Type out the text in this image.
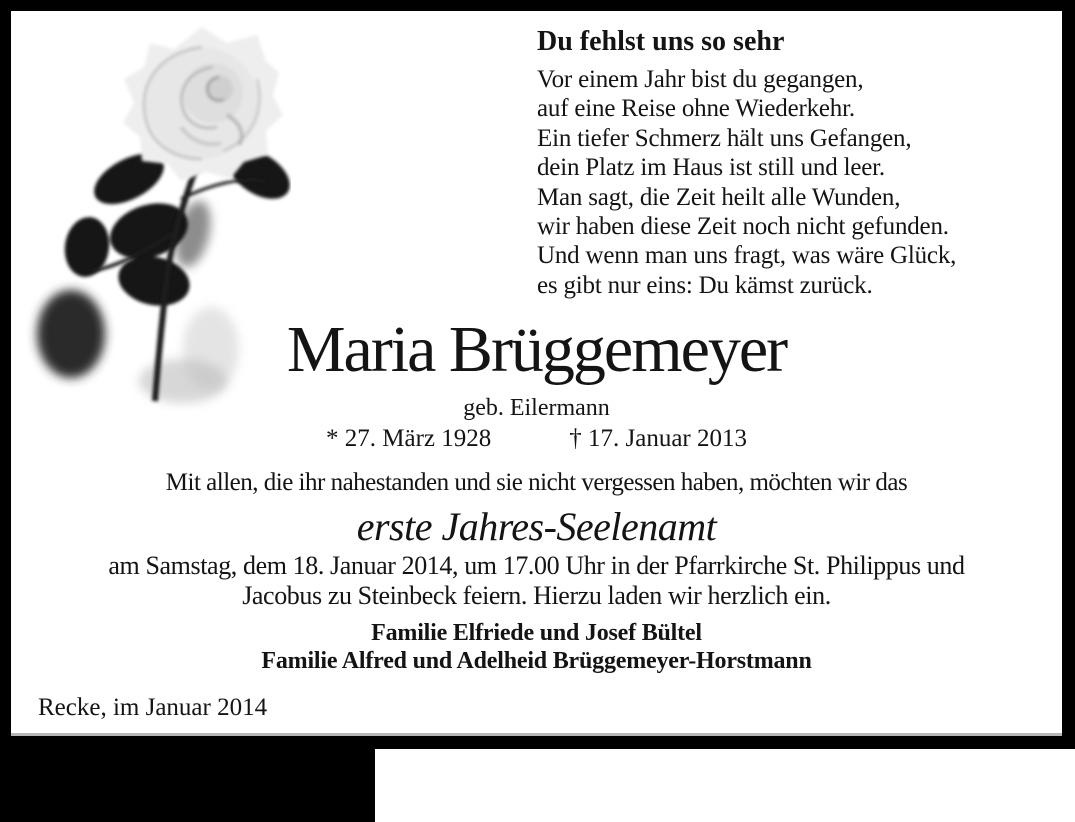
Du fehlst uns so sehr
Vor einem Jahr bist du gegangen,
auf eine Reise ohne Wiederkehr.
Ein tiefer Schmerz hält uns Gefangen,
dein Platz im Haus ist still und leer.
Man sagt, die Zeit heilt alle Wunden,
wir haben diese Zeit noch nicht gefunden.
Und wenn man uns fragt, was wäre Glück,
es gibt nur eins: Du kämst zurück.
Maria Brüggemeyer
geb. Eilermann
* 27. März 1928	† 17. Januar 2013
Mit allen, die ihr nahestanden und sie nicht vergessen haben, möchten wir das
erste Jahres-Seelenamt
am Samstag, dem 18. Januar 2014, um 17.00 Uhr in der Pfarrkirche St. Philippus und
Jacobus zu Steinbeck feiern. Hierzu laden wir herzlich ein.
Familie Elfriede und Josef Bültel
Familie Alfred und Adelheid Brüggemeyer-Horstmann
Recke, im Januar 2014
